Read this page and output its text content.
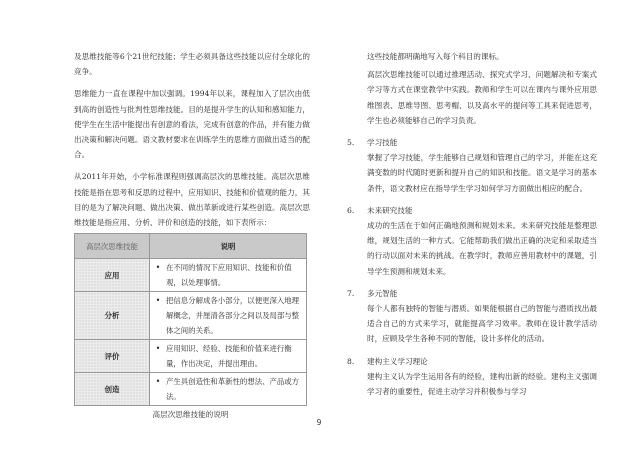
及思维技能等6个21世纪技能；学生必须具备这些技能以应付全球化的竞争。

思维能力一直在课程中加以强调。1994年以来，课程加入了层次由低到高的创造性与批判性思维技能。目的是提升学生的认知和感知能力，使学生在生活中能提出有创意的看法，完成有创意的作品，并有能力做出决策和解决问题。语文教材要求在训练学生的思维方面做出适当的配合。

从2011年开始，小学标准课程则强调高层次的思维技能。高层次思维技能是指在思考和反思的过程中，应用知识、技能和价值观的能力，其目的是为了解决问题、做出决策、做出革新或进行某些创造。高层次思维技能是指应用、分析、评价和创造的技能，如下表所示：

高层次思维技能	说明
应用	• 在不同的情况下应用知识、技能和价值观，以处理事情。

分析	• 把信息分解成各小部分，以便更深入地理解概念，并厘清各部分之间以及局部与整体之间的关系。

评价	• 应用知识、经验、技能和价值来进行衡量，作出决定，并提出理由。

创造	• 产生具创造性和革新性的想法、产品或方法。
高层次思维技能的说明

这些技能都明确地写入每个科目的课标。

高层次思维技能可以通过推理活动、探究式学习、问题解决和专案式学习等方式在课堂教学中实践。教师和学生可以在课内与课外应用思维图表、思维导图、思考帽、以及高水平的提问等工具来促进思考，学生也必须能够自己的学习负责。

5.	学习技能

掌握了学习技能，学生能够自己规划和管理自己的学习，并能在这充满变数的时代随时更新和提升自己的知识和技能。语文是学习的基本条件，语文教材应在指导学生学习如何学习方面做出相应的配合。

6.	未来研究技能

成功的生活在于如何正确地预测和规划未来。未来研究技能是整理思维，规划生活的一种方式。它能帮助我们做出正确的决定和采取适当的行动以面对未来的挑战。在教学时，教师应善用教材中的课题，引导学生预测和规划未来。

7.	多元智能

每个人都有独特的智能与潜质。如果能根据自己的智能与潜质找出最适合自己的方式来学习，就能提高学习效率。教师在设计教学活动时，应顾及学生各种不同的智能，设计多样化的活动。

8.	建构主义学习理论

建构主义认为学生运用各有的经验，建构出新的经验。建构主义强调学习者的重要性，促进主动学习并积极参与学习

9
